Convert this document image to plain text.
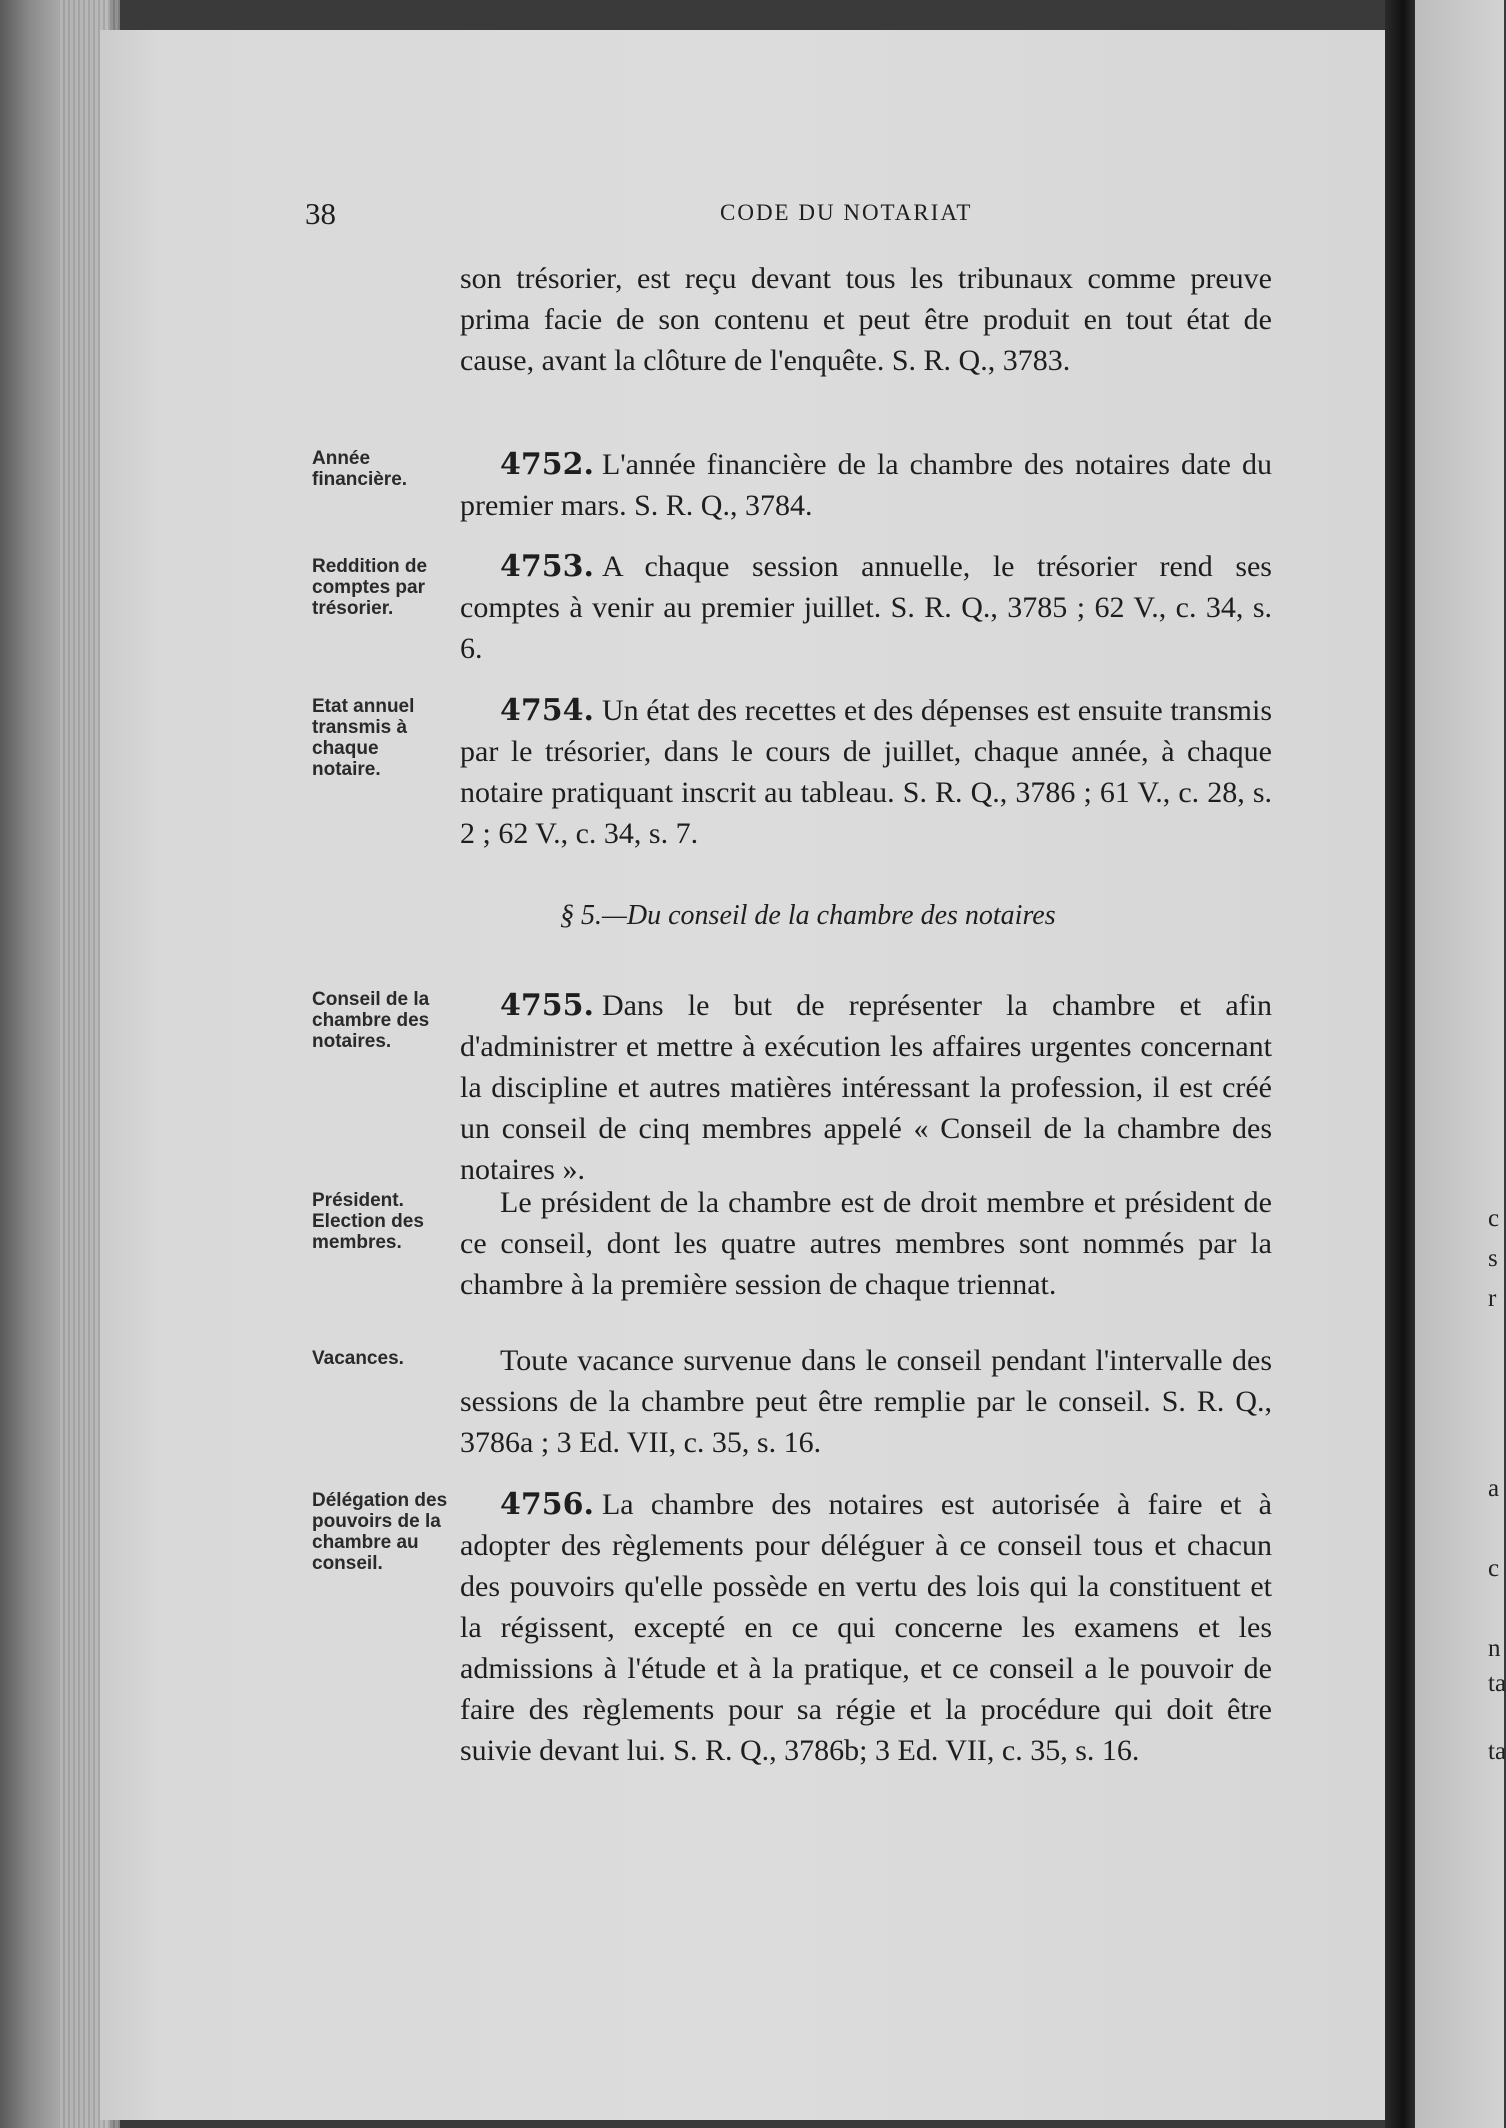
38	CODE DU NOTARIAT
son trésorier, est reçu devant tous les tribunaux comme preuve prima facie de son contenu et peut être produit en tout état de cause, avant la clôture de l'enquête. S. R. Q., 3783.
Année financière.	4752. L'année financière de la chambre des notaires date du premier mars. S. R. Q., 3784.
Reddition de comptes par trésorier.
4753. A chaque session annuelle, le trésorier rend ses comptes à venir au premier juillet. S. R. Q., 3785 ; 62 V., c. 34, s. 6.
Etat annuel transmis à chaque notaire.
4754. Un état des recettes et des dépenses est ensuite transmis par le trésorier, dans le cours de juillet, chaque année, à chaque notaire pratiquant inscrit au tableau. S. R. Q., 3786 ; 61 V., c. 28, s. 2 ; 62 V., c. 34, s. 7.
§ 5.—Du conseil de la chambre des notaires
Conseil de la chambre des notaires.
4755. Dans le but de représenter la chambre et afin d'administrer et mettre à exécution les affaires urgentes concernant la discipline et autres matières intéressant la profession, il est créé un conseil de cinq membres appelé « Conseil de la chambre des notaires ».
Président. Election des membres.
Le président de la chambre est de droit membre et président de ce conseil, dont les quatre autres membres sont nommés par la chambre à la première session de chaque triennat.
Vacances.	Toute vacance survenue dans le conseil pendant l'intervalle des sessions de la chambre peut être remplie par le conseil. S. R. Q., 3786a ; 3 Ed. VII, c. 35, s. 16.
Délégation des pouvoirs de la chambre au conseil.
4756. La chambre des notaires est autorisée à faire et à adopter des règlements pour déléguer à ce conseil tous et chacun des pouvoirs qu'elle possède en vertu des lois qui la constituent et la régissent, excepté en ce qui concerne les examens et les admissions à l'étude et à la pratique, et ce conseil a le pouvoir de faire des règlements pour sa régie et la procédure qui doit être suivie devant lui. S. R. Q., 3786b; 3 Ed. VII, c. 35, s. 16.
c
s
r
a
c
n
ta
ta
